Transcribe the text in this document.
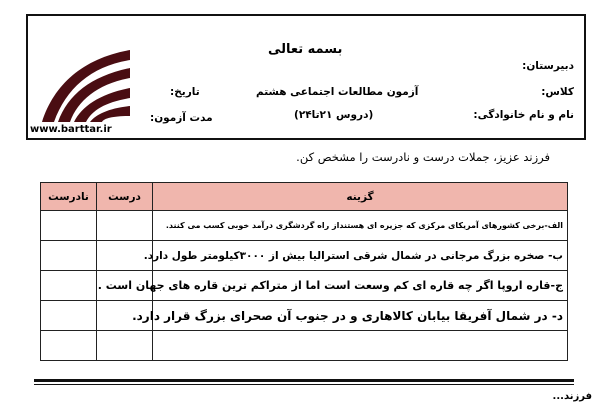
www.barttar.ir
بسمه تعالی
دبیرستان:
کلاس:
نام و نام خانوادگی:
آزمون مطالعات اجتماعی هشتم
(دروس ۲۱تا۲۴)
تاریخ:
مدت آزمون:
فرزند عزیز، جملات درست و نادرست را مشخص کن.
گزینه	درست	نادرست
الف-برخی کشورهای آمریکای مرکزی که جزیره ای هستنداز راه گردشگری درآمد خوبی کسب می کنند.		
ب- صخره بزرگ مرجانی در شمال شرقی استرالیا بیش از ۳۰۰۰کیلومتر طول دارد.		
ج-قاره اروپا اگر چه قاره ای کم وسعت است اما از متراکم ترین قاره های جهان است .		
د- در شمال آفریقا بیابان کالاهاری و در جنوب آن صحرای بزرگ قرار دارد.		

فرزند...
